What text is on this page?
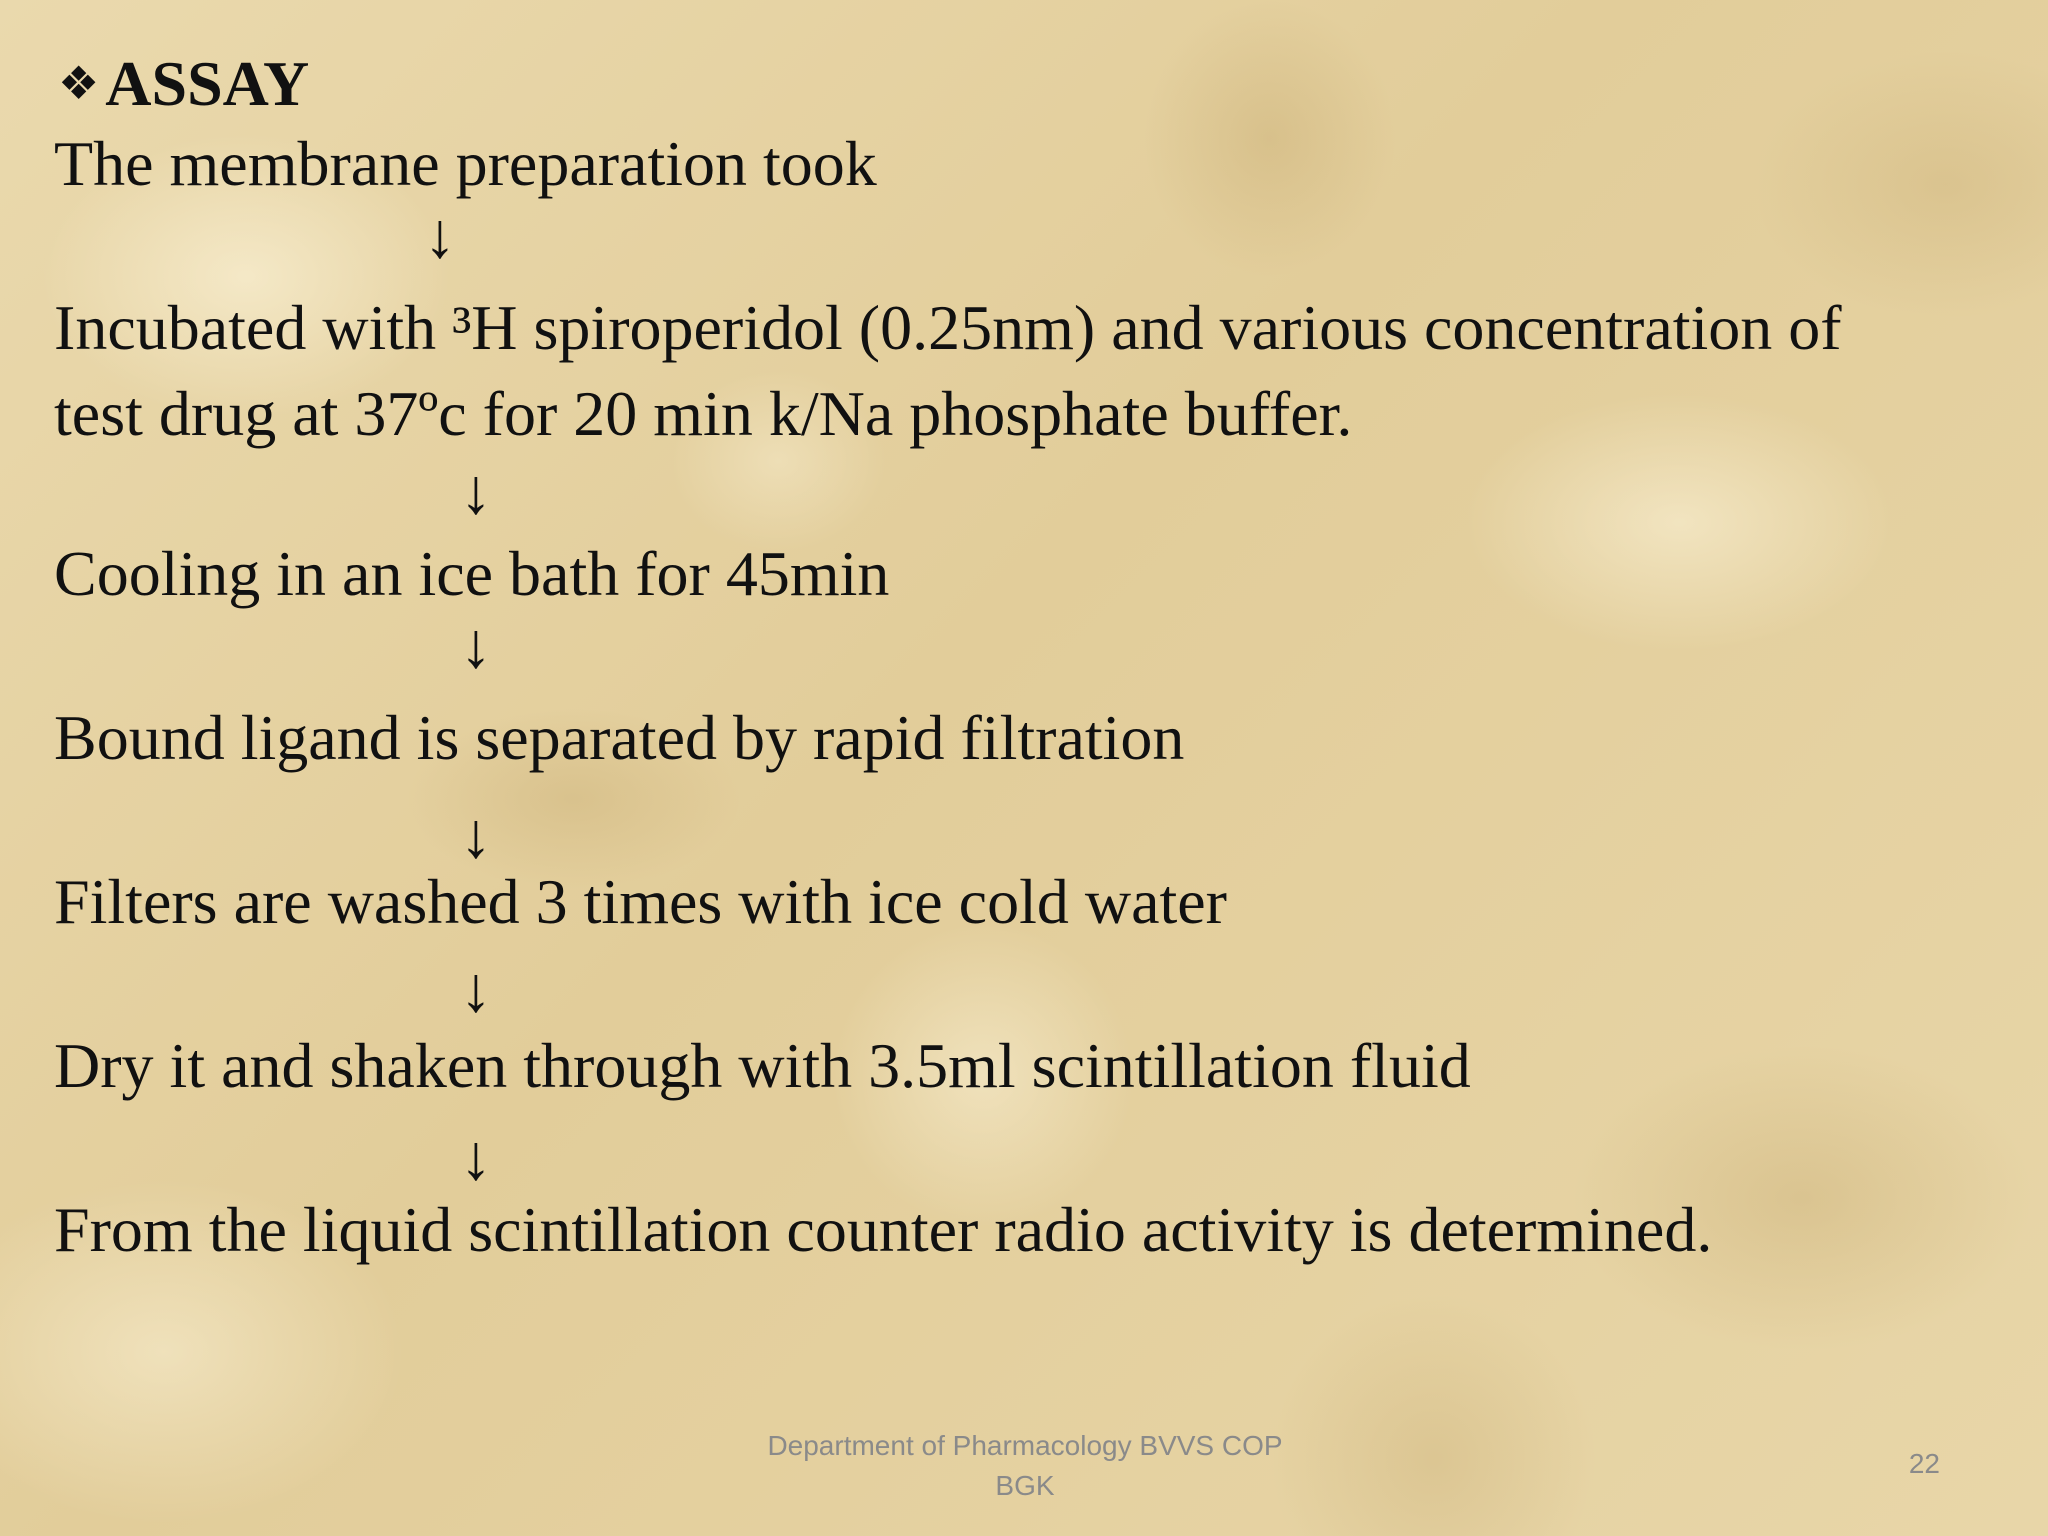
❖ ASSAY
The membrane preparation took
↓
Incubated with ³H spiroperidol (0.25nm) and various concentration of
test drug at 37ºc for 20 min k/Na phosphate buffer.
↓
Cooling in an ice bath for 45min
↓
Bound ligand is separated by rapid filtration
↓
Filters are washed 3 times with ice cold water
↓
Dry it and shaken through with 3.5ml scintillation fluid
↓
From the liquid scintillation counter radio activity is determined.
Department of Pharmacology BVVS COP
BGK
22
